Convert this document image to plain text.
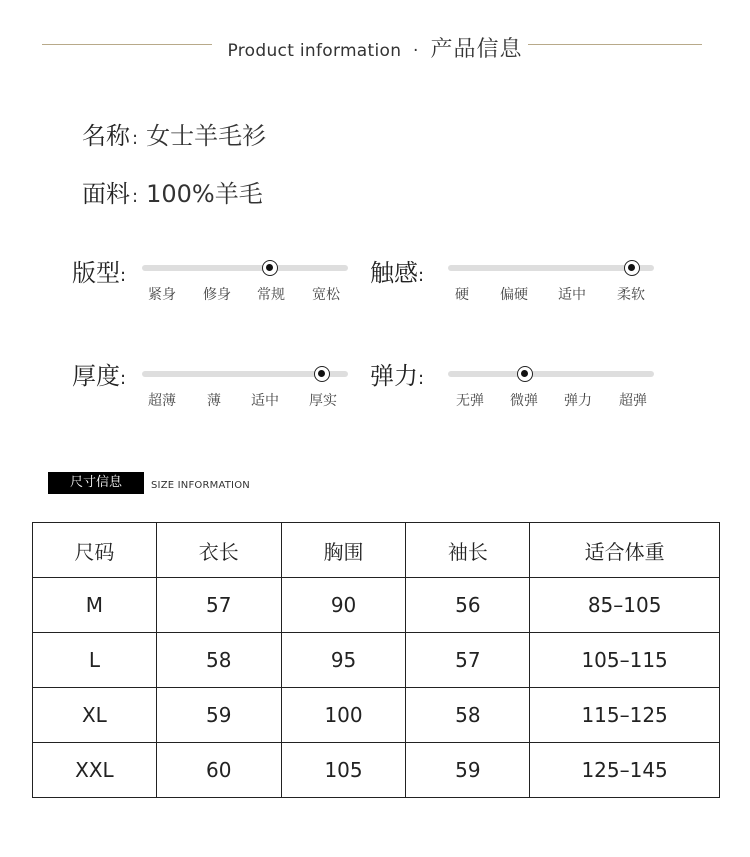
Product information · 产品信息
名称 : 女士羊毛衫
面料 : 100%羊毛
版型:
紧身 修身 常规 宽松
触感:
硬 偏硬 适中 柔软
厚度:
超薄 薄 适中 厚实
弹力:
无弹 微弹 弹力 超弹
尺寸信息	SIZE INFORMATION
尺码	衣长	胸围	袖长	适合体重
M	57	90	56	85–105
L	58	95	57	105–115
XL	59	100	58	115–125
XXL	60	105	59	125–145
